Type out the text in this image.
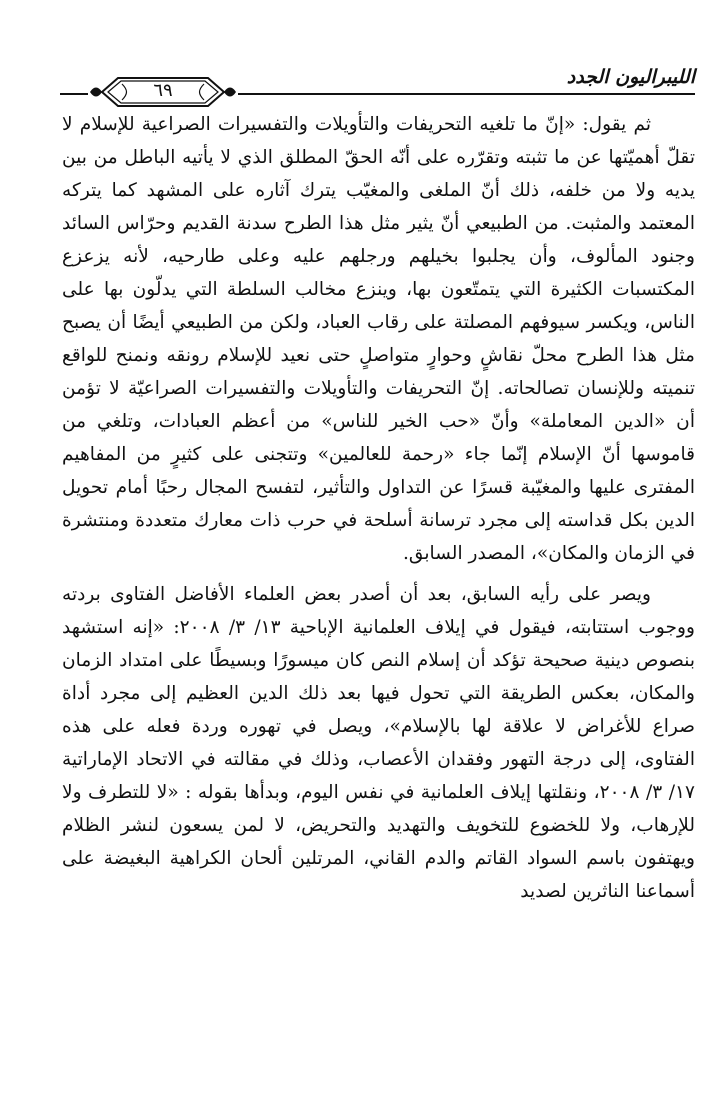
الليبراليون الجدد
٦٩

ثم يقول: «إنّ ما تلغيه التحريفات والتأويلات والتفسيرات الصراعية للإسلام لا تقلّ أهميّتها عن ما تثبته وتقرّره على أنّه الحقّ المطلق الذي لا يأتيه الباطل من بين يديه ولا من خلفه، ذلك أنّ الملغى والمغيّب يترك آثاره على المشهد كما يتركه المعتمد والمثبت. من الطبيعي أنّ يثير مثل هذا الطرح سدنة القديم وحرّاس السائد وجنود المألوف، وأن يجلبوا بخيلهم ورجلهم عليه وعلى طارحيه، لأنه يزعزع المكتسبات الكثيرة التي يتمتّعون بها، وينزع مخالب السلطة التي يدلّون بها على الناس، ويكسر سيوفهم المصلتة على رقاب العباد، ولكن من الطبيعي أيضًا أن يصبح مثل هذا الطرح محلّ نقاشٍ وحوارٍ متواصلٍ حتى نعيد للإسلام رونقه ونمنح للواقع تنميته وللإنسان تصالحاته. إنّ التحريفات والتأويلات والتفسيرات الصراعيّة لا تؤمن أن «الدين المعاملة» وأنّ «حب الخير للناس» من أعظم العبادات، وتلغي من قاموسها أنّ الإسلام إنّما جاء «رحمة للعالمين» وتتجنى على كثيرٍ من المفاهيم المفترى عليها والمغيّبة قسرًا عن التداول والتأثير، لتفسح المجال رحبًا أمام تحويل الدين بكل قداسته إلى مجرد ترسانة أسلحة في حرب ذات معارك متعددة ومنتشرة في الزمان والمكان»، المصدر السابق.

ويصر على رأيه السابق، بعد أن أصدر بعض العلماء الأفاضل الفتاوى بردته ووجوب استتابته، فيقول في إيلاف العلمانية الإباحية ١٣/ ٣/ ٢٠٠٨: «إنه استشهد بنصوص دينية صحيحة تؤكد أن إسلام النص كان ميسورًا وبسيطًا على امتداد الزمان والمكان، بعكس الطريقة التي تحول فيها بعد ذلك الدين العظيم إلى مجرد أداة صراع للأغراض لا علاقة لها بالإسلام»، ويصل في تهوره وردة فعله على هذه الفتاوى، إلى درجة التهور وفقدان الأعصاب، وذلك في مقالته في الاتحاد الإماراتية ١٧/ ٣/ ٢٠٠٨، ونقلتها إيلاف العلمانية في نفس اليوم، وبدأها بقوله : «لا للتطرف ولا للإرهاب، ولا للخضوع للتخويف والتهديد والتحريض، لا لمن يسعون لنشر الظلام ويهتفون باسم السواد القاتم والدم القاني، المرتلين ألحان الكراهية البغيضة على أسماعنا الناثرين لصديد
